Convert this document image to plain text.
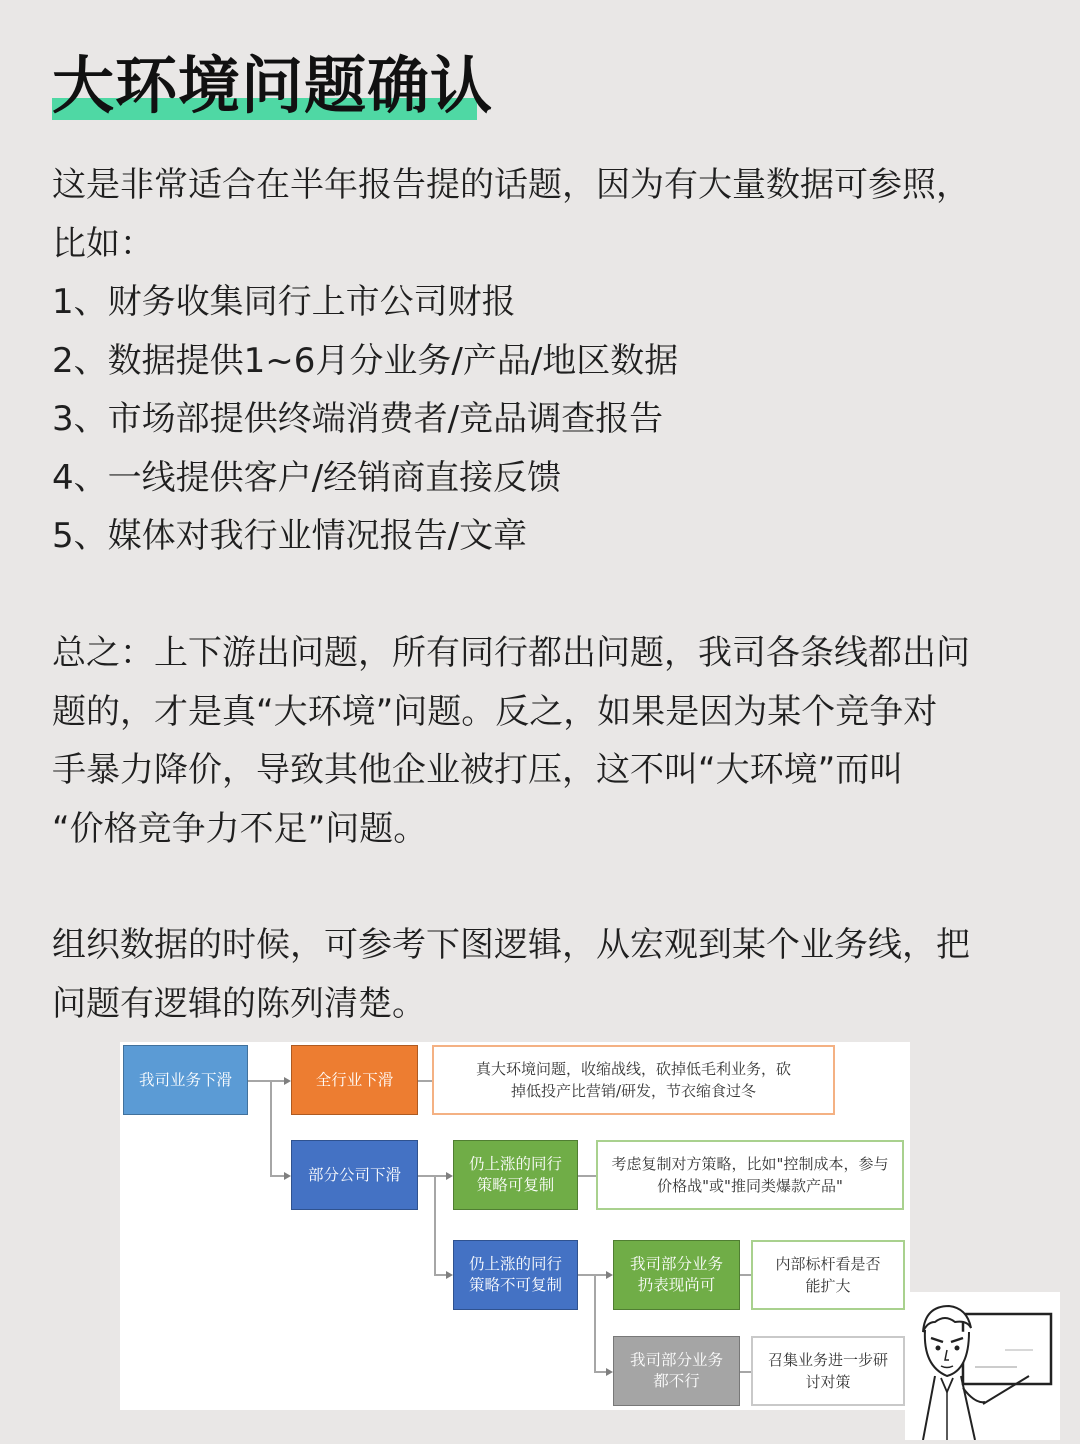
大环境问题确认

这是非常适合在半年报告提的话题，因为有大量数据可参照，

比如：

1、财务收集同行上市公司财报

2、数据提供1~6月分业务/产品/地区数据

3、市场部提供终端消费者/竞品调查报告

4、一线提供客户/经销商直接反馈

5、媒体对我行业情况报告/文章

总之：上下游出问题，所有同行都出问题，我司各条线都出问

题的，才是真“大环境”问题。反之，如果是因为某个竞争对

手暴力降价，导致其他企业被打压，这不叫“大环境”而叫

“价格竞争力不足”问题。

组织数据的时候，可参考下图逻辑，从宏观到某个业务线，把

问题有逻辑的陈列清楚。

我司业务下滑	全行业下滑
真大环境问题，收缩战线，砍掉低毛利业务，砍掉低投产比营销/研发，节衣缩食过冬
部分公司下滑
仍上涨的同行策略可复制
考虑复制对方策略，比如"控制成本，参与价格战"或"推同类爆款产品"
仍上涨的同行策略不可复制
我司部分业务扔表现尚可
内部标杆看是否能扩大
我司部分业务都不行
召集业务进一步研讨对策
